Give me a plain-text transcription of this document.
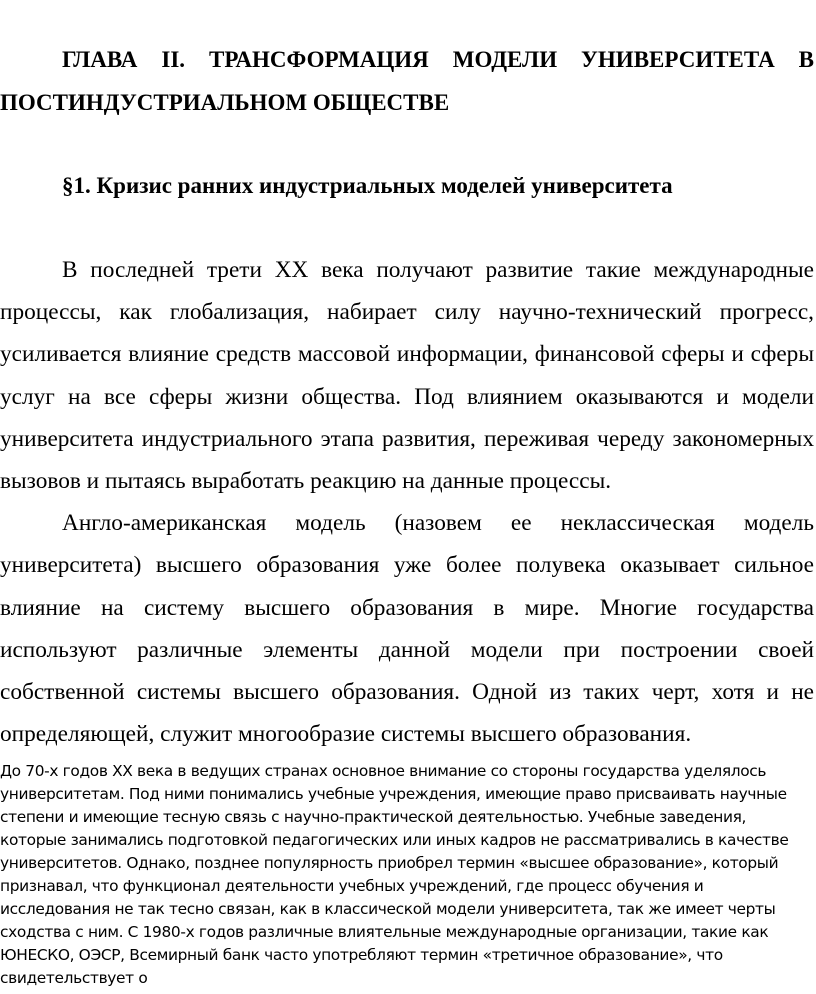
ГЛАВА II. ТРАНСФОРМАЦИЯ МОДЕЛИ УНИВЕРСИТЕТА В ПОСТИНДУСТРИАЛЬНОМ ОБЩЕСТВЕ
§1. Кризис ранних индустриальных моделей университета

В последней трети XX века получают развитие такие международные процессы, как глобализация, набирает силу научно-технический прогресс, усиливается влияние средств массовой информации, финансовой сферы и сферы услуг на все сферы жизни общества. Под влиянием оказываются и модели университета индустриального этапа развития, переживая череду закономерных вызовов и пытаясь выработать реакцию на данные процессы.

Англо-американская модель (назовем ее неклассическая модель университета) высшего образования уже более полувека оказывает сильное влияние на систему высшего образования в мире. Многие государства используют различные элементы данной модели при построении своей собственной системы высшего образования. Одной из таких черт, хотя и не определяющей, служит многообразие системы высшего образования.

До 70-х годов XX века в ведущих странах основное внимание со стороны государства уделялось университетам. Под ними понимались учебные учреждения, имеющие право присваивать научные степени и имеющие тесную связь с научно-практической деятельностью. Учебные заведения, которые занимались подготовкой педагогических или иных кадров не рассматривались в качестве университетов. Однако, позднее популярность приобрел термин «высшее образование», который признавал, что функционал деятельности учебных учреждений, где процесс обучения и исследования не так тесно связан, как в классической модели университета, так же имеет черты сходства с ним. С 1980-х годов различные влиятельные международные организации, такие как ЮНЕСКО, ОЭСР, Всемирный банк часто употребляют термин «третичное образование», что свидетельствует о
